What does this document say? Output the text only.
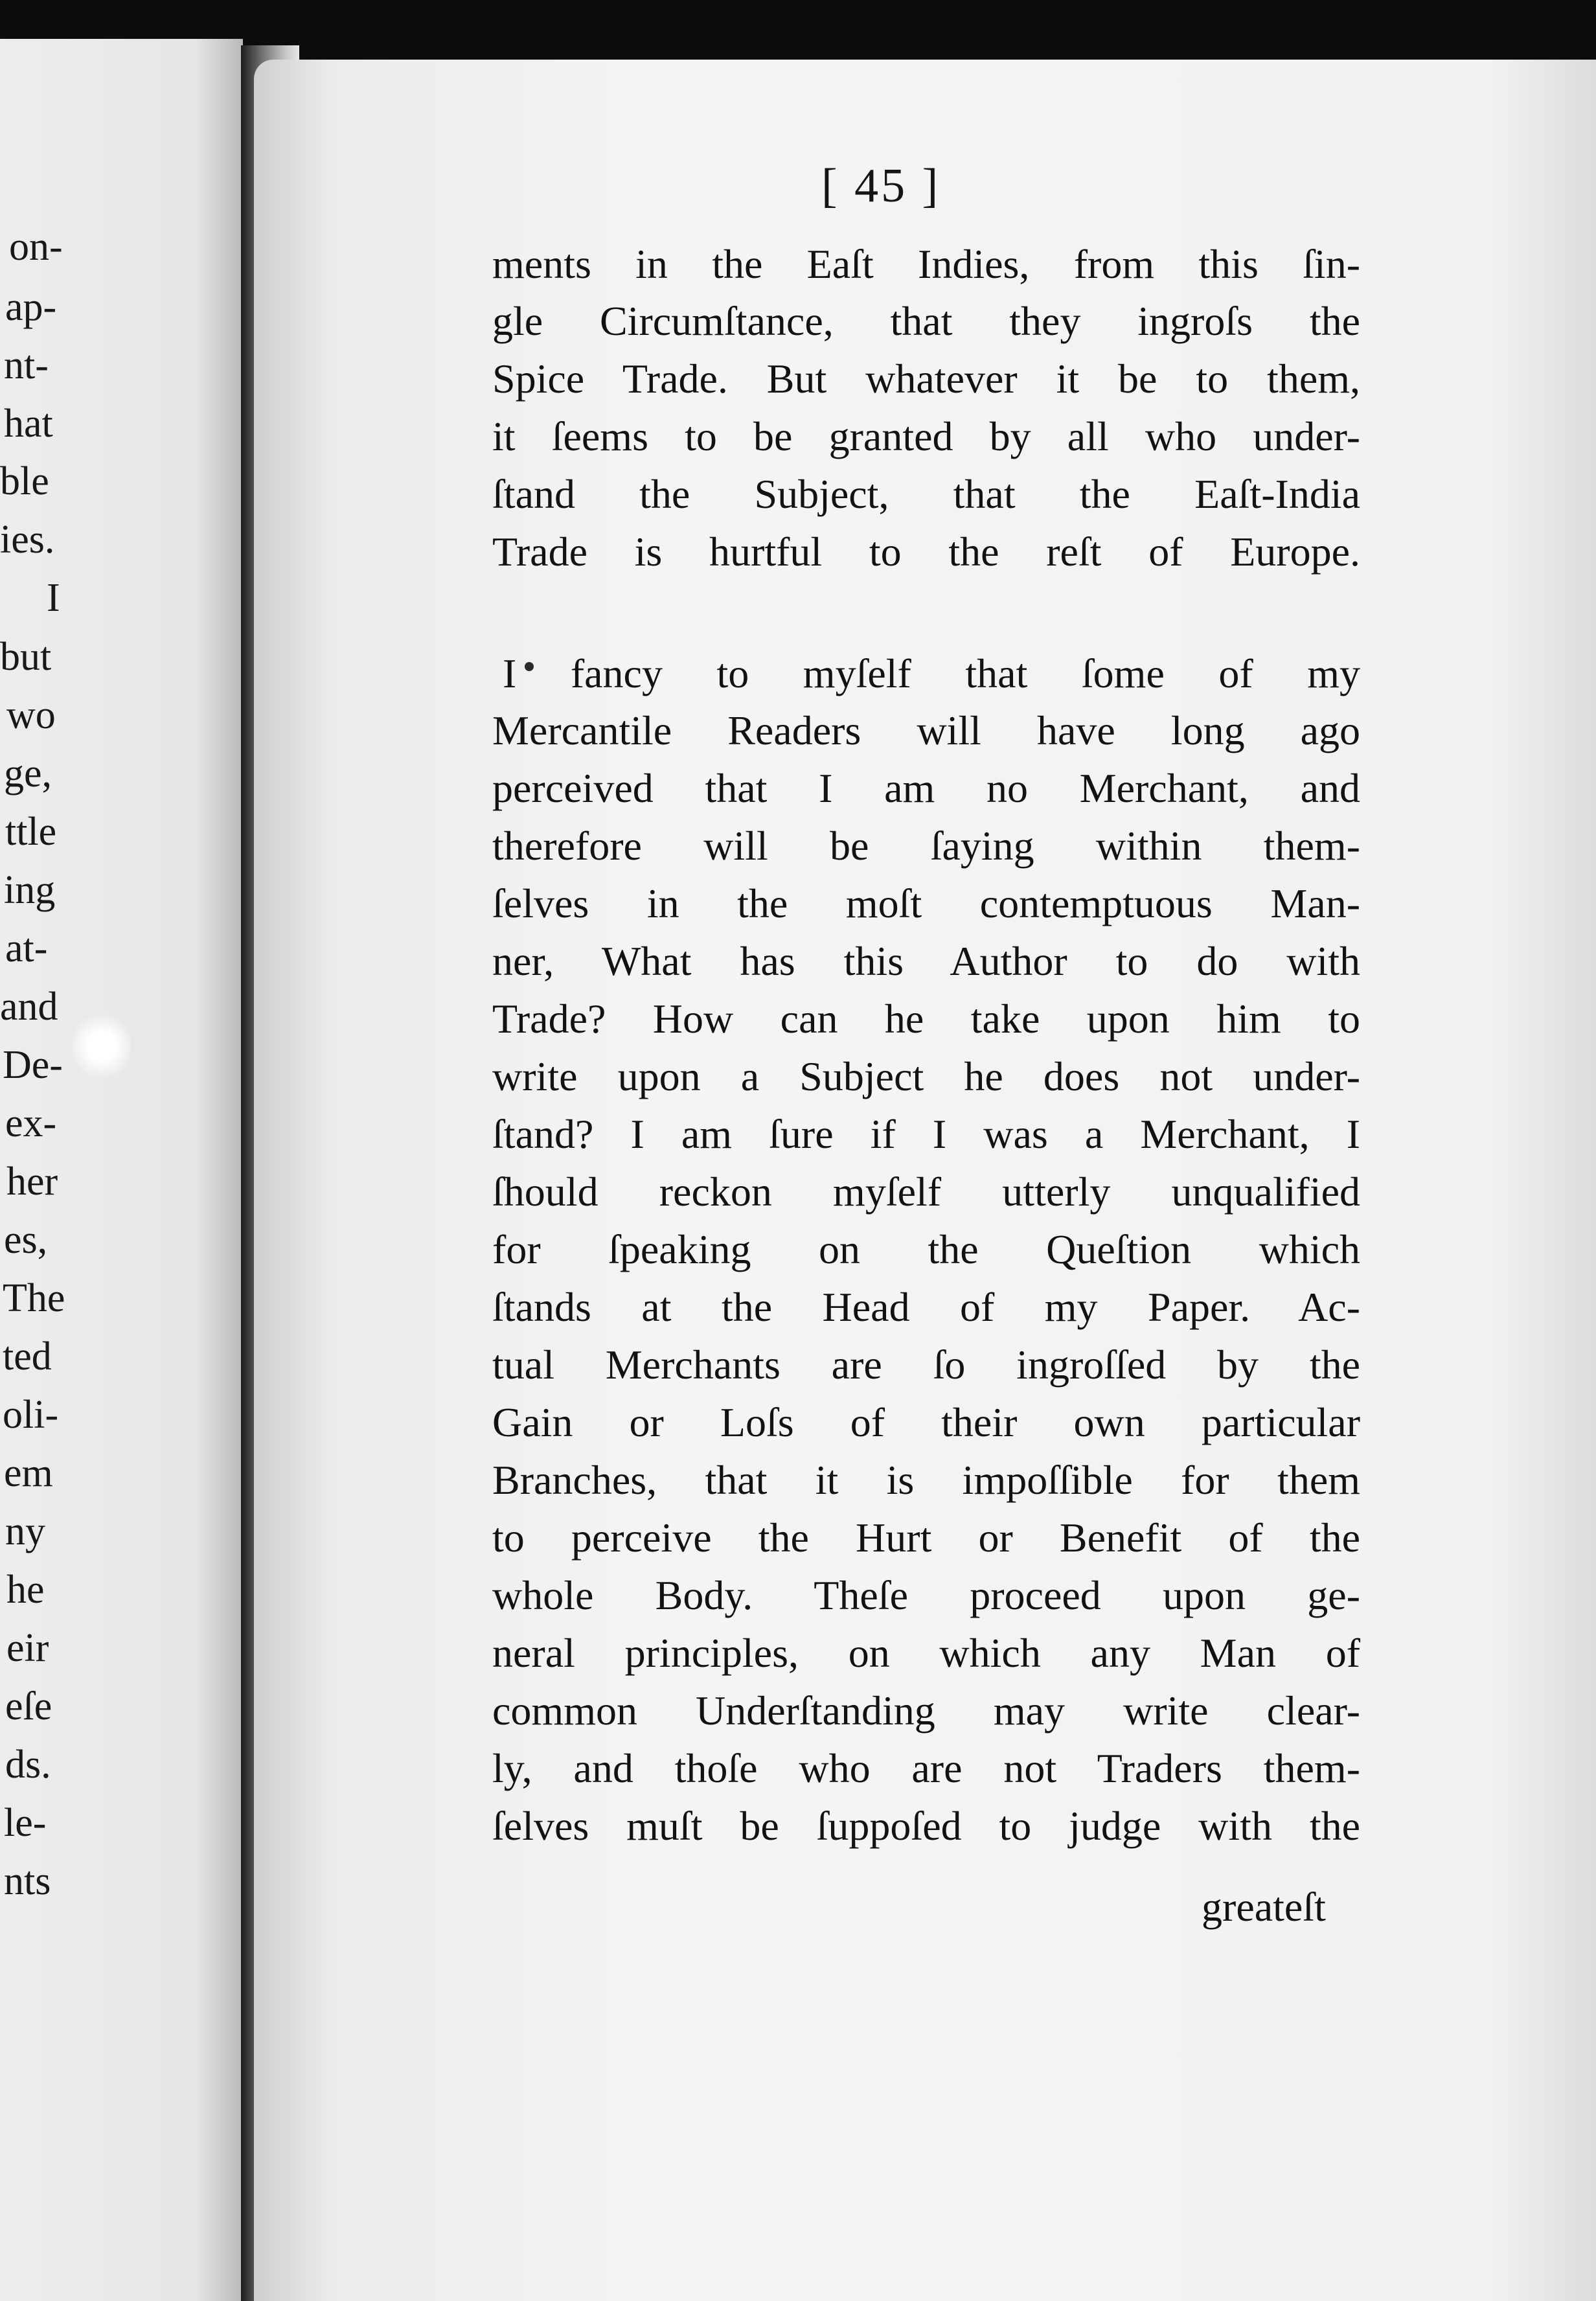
on-
ap-
nt-
hat
ble
ies.
I
but
wo
ge,
ttle
ing
at-
and
De-
ex-
her
es,
The
ted
oli-
em
ny
he
eir
eſe
ds.
le-
nts
[ 45 ]
ments in the Eaſt Indies, from this ſin-
gle Circumſtance, that they ingroſs the
Spice Trade. But whatever it be to them,
it ſeems to be granted by all who under-
ſtand the Subject, that the Eaſt-India
Trade is hurtful to the reſt of Europe.
I fancy to myſelf that ſome of my
Mercantile Readers will have long ago
perceived that I am no Merchant, and
therefore will be ſaying within them-
ſelves in the moſt contemptuous Man-
ner, What has this Author to do with
Trade? How can he take upon him to
write upon a Subject he does not under-
ſtand? I am ſure if I was a Merchant, I
ſhould reckon myſelf utterly unqualified
for ſpeaking on the Queſtion which
ſtands at the Head of my Paper. Ac-
tual Merchants are ſo ingroſſed by the
Gain or Loſs of their own particular
Branches, that it is impoſſible for them
to perceive the Hurt or Benefit of the
whole Body. Theſe proceed upon ge-
neral principles, on which any Man of
common Underſtanding may write clear-
ly, and thoſe who are not Traders them-
ſelves muſt be ſuppoſed to judge with the
greateſt
